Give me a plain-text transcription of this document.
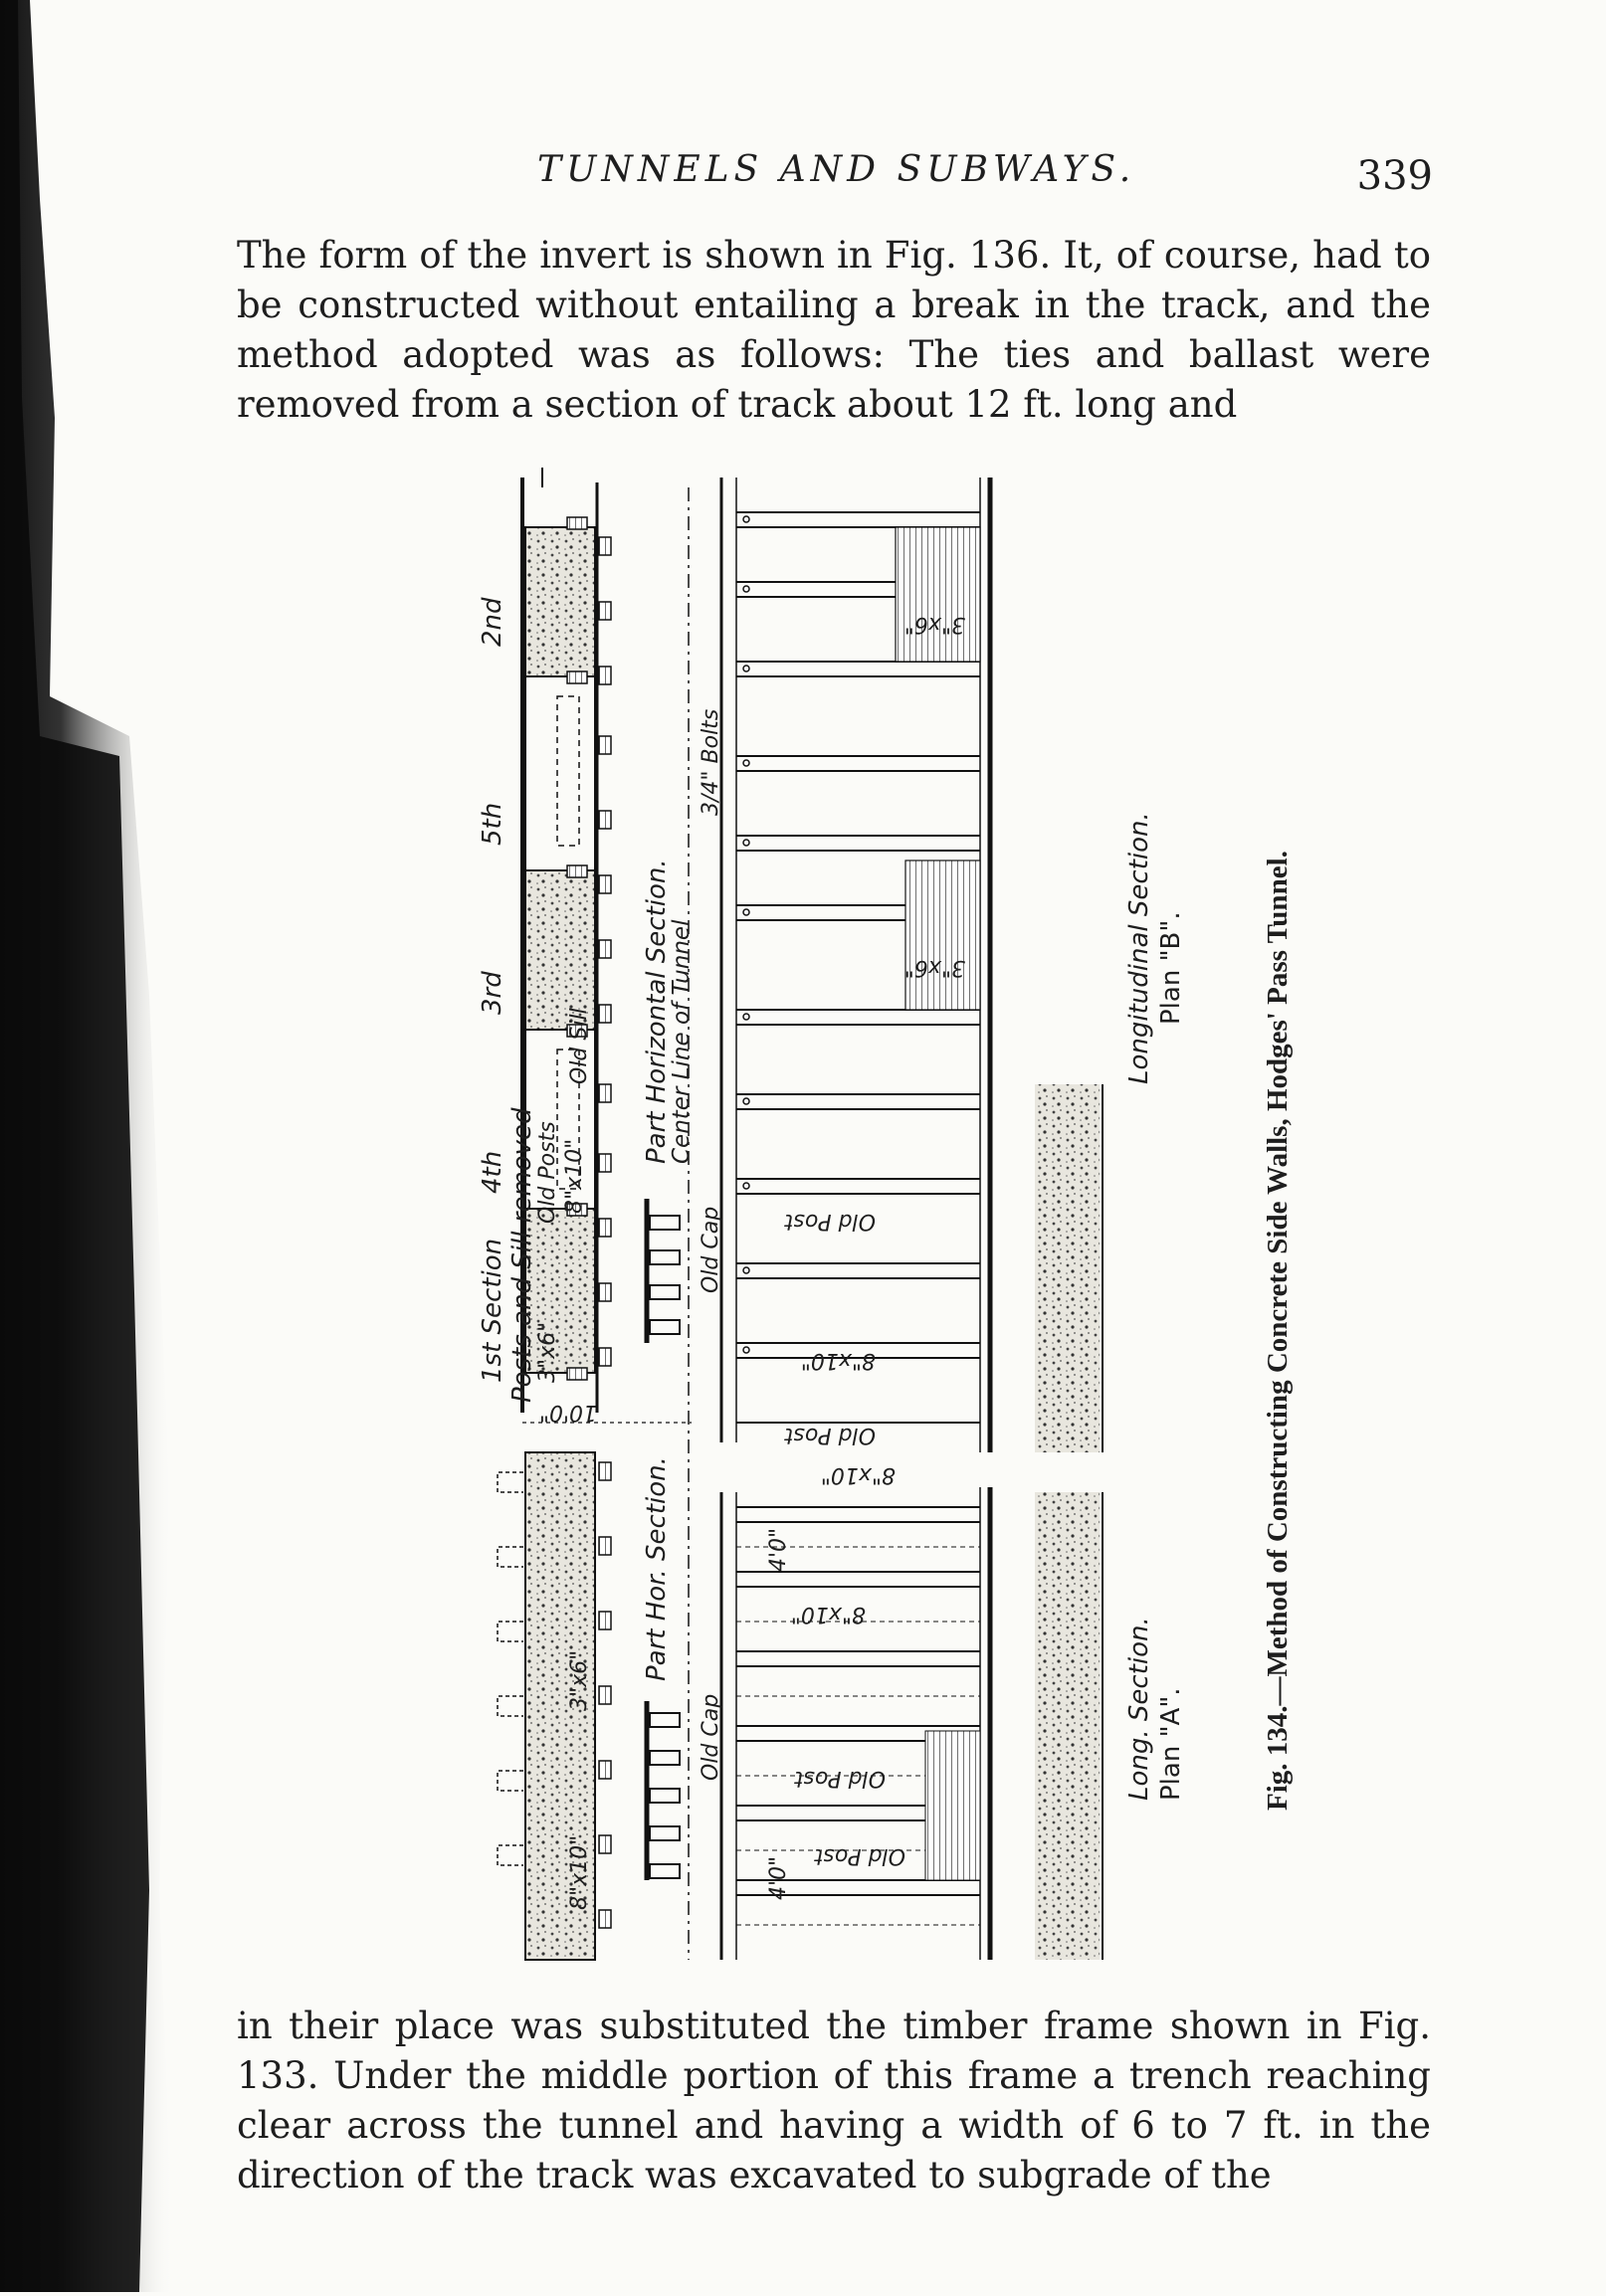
TUNNELS AND SUBWAYS.	339

The form of the invert is shown in Fig. 136. It, of course, had to be constructed without entailing a break in the track, and the method adopted was as follows: The ties and ballast were removed from a section of track about 12 ft. long and

1st Section Posts and Sill removed
2nd
3rd
4th
5th
Old Posts
Old Sill
8"x10"
3"x6"
10'0"
Part Horizontal Section.
Center Line of Tunnel
3"x6"
8"x10"
Part Hor. Section.
3/4" Bolts
Old Cap
Old Cap
Old Post
Old Post
Old Post
Old Post
8"x10"
8"x10"
8"x10"
3"x6"
3"x6"
4'0"
4'0"
Longitudinal Section. Plan "B".
Long. Section. Plan "A".	Fig. 134.—Method of Constructing Concrete Side Walls, Hodges' Pass Tunnel.

in their place was substituted the timber frame shown in Fig. 133. Under the middle portion of this frame a trench reaching clear across the tunnel and having a width of 6 to 7 ft. in the direction of the track was excavated to subgrade of the
